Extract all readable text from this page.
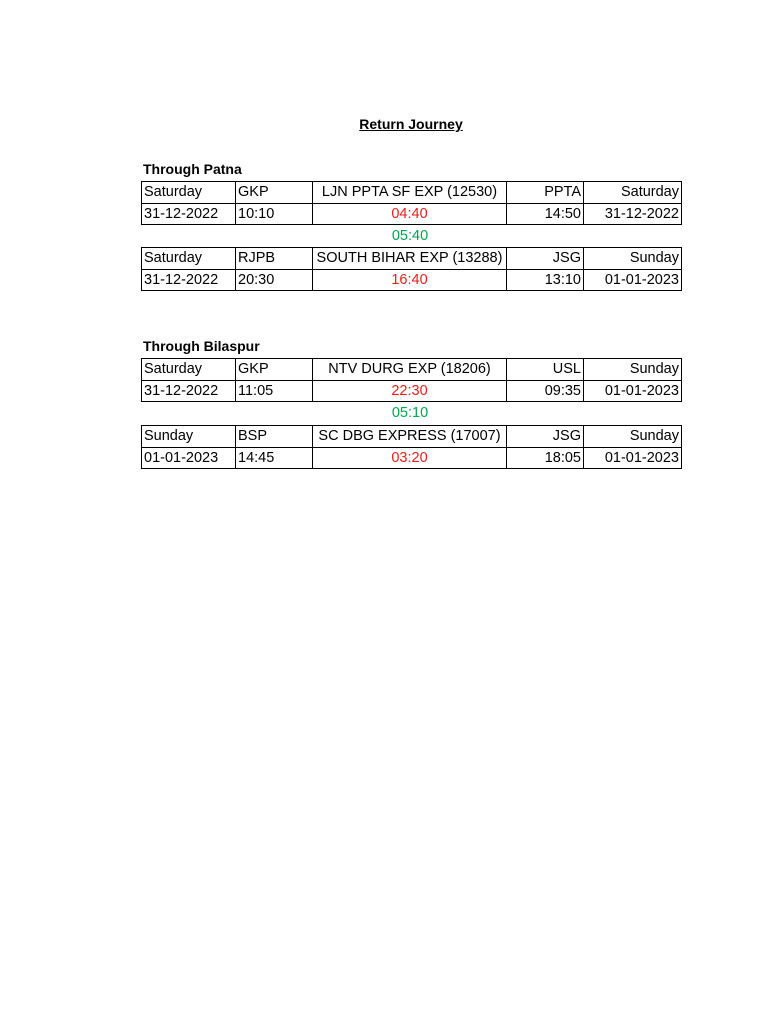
Return Journey
Through Patna
Saturday	GKP	LJN PPTA SF EXP (12530)	PPTA	Saturday
31-12-2022	10:10	04:40	14:50	31-12-2022
05:40
Saturday	RJPB	SOUTH BIHAR EXP (13288)	JSG	Sunday
31-12-2022	20:30	16:40	13:10	01-01-2023
Through Bilaspur
Saturday	GKP	NTV DURG EXP (18206)	USL	Sunday
31-12-2022	11:05	22:30	09:35	01-01-2023
05:10
Sunday	BSP	SC DBG EXPRESS (17007)	JSG	Sunday
01-01-2023	14:45	03:20	18:05	01-01-2023
